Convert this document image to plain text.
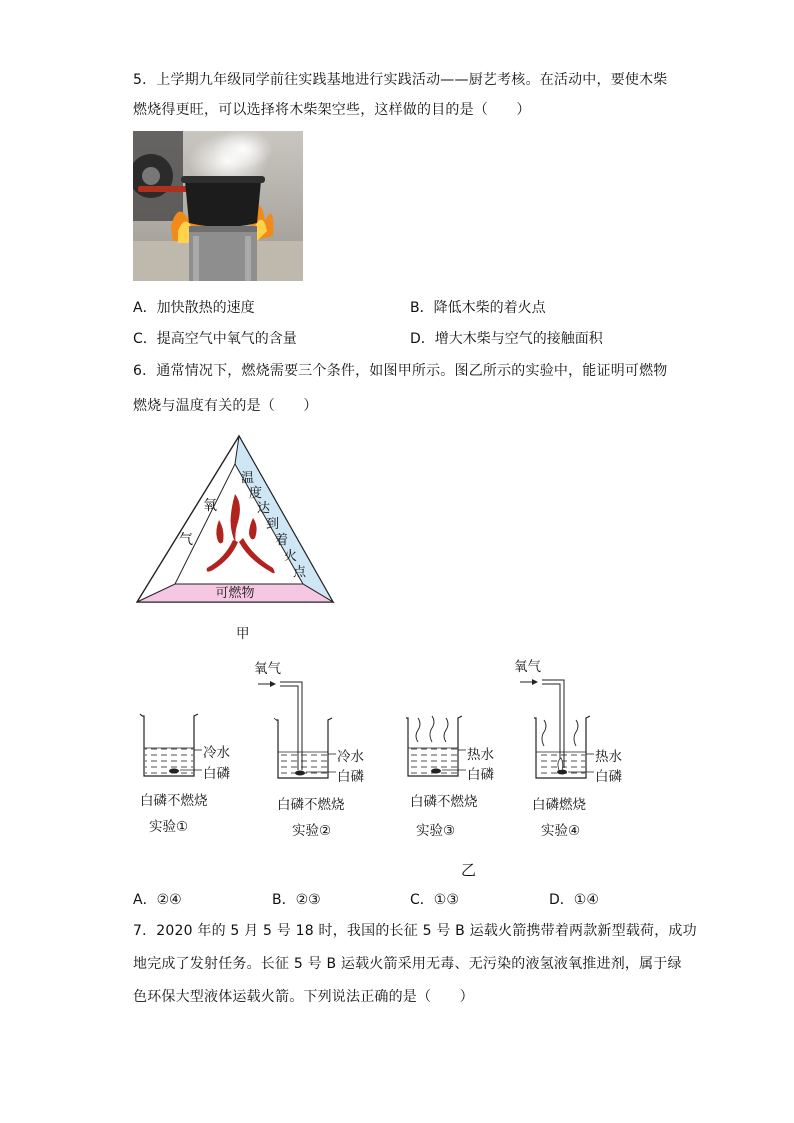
5．上学期九年级同学前往实践基地进行实践活动——厨艺考核。在活动中，要使木柴
燃烧得更旺，可以选择将木柴架空些，这样做的目的是（　　）
A．加快散热的速度	B．降低木柴的着火点
C．提高空气中氧气的含量	D．增大木柴与空气的接触面积
6．通常情况下，燃烧需要三个条件，如图甲所示。图乙所示的实验中，能证明可燃物
燃烧与温度有关的是（　　）
氧
气
温
度
达
到
着
火
点
可燃物
甲
氧气	氧气
冷水
白磷
冷水
白磷
热水
白磷
热水
白磷
白磷不燃烧
实验①
白磷不燃烧
实验②
白磷不燃烧
实验③
白磷燃烧
实验④
乙
A．②④	B．②③	C．①③	D．①④
7．2020 年的 5 月 5 号 18 时，我国的长征 5 号 B 运载火箭携带着两款新型载荷，成功
地完成了发射任务。长征 5 号 B 运载火箭采用无毒、无污染的液氢液氧推进剂，属于绿
色环保大型液体运载火箭。下列说法正确的是（　　）
